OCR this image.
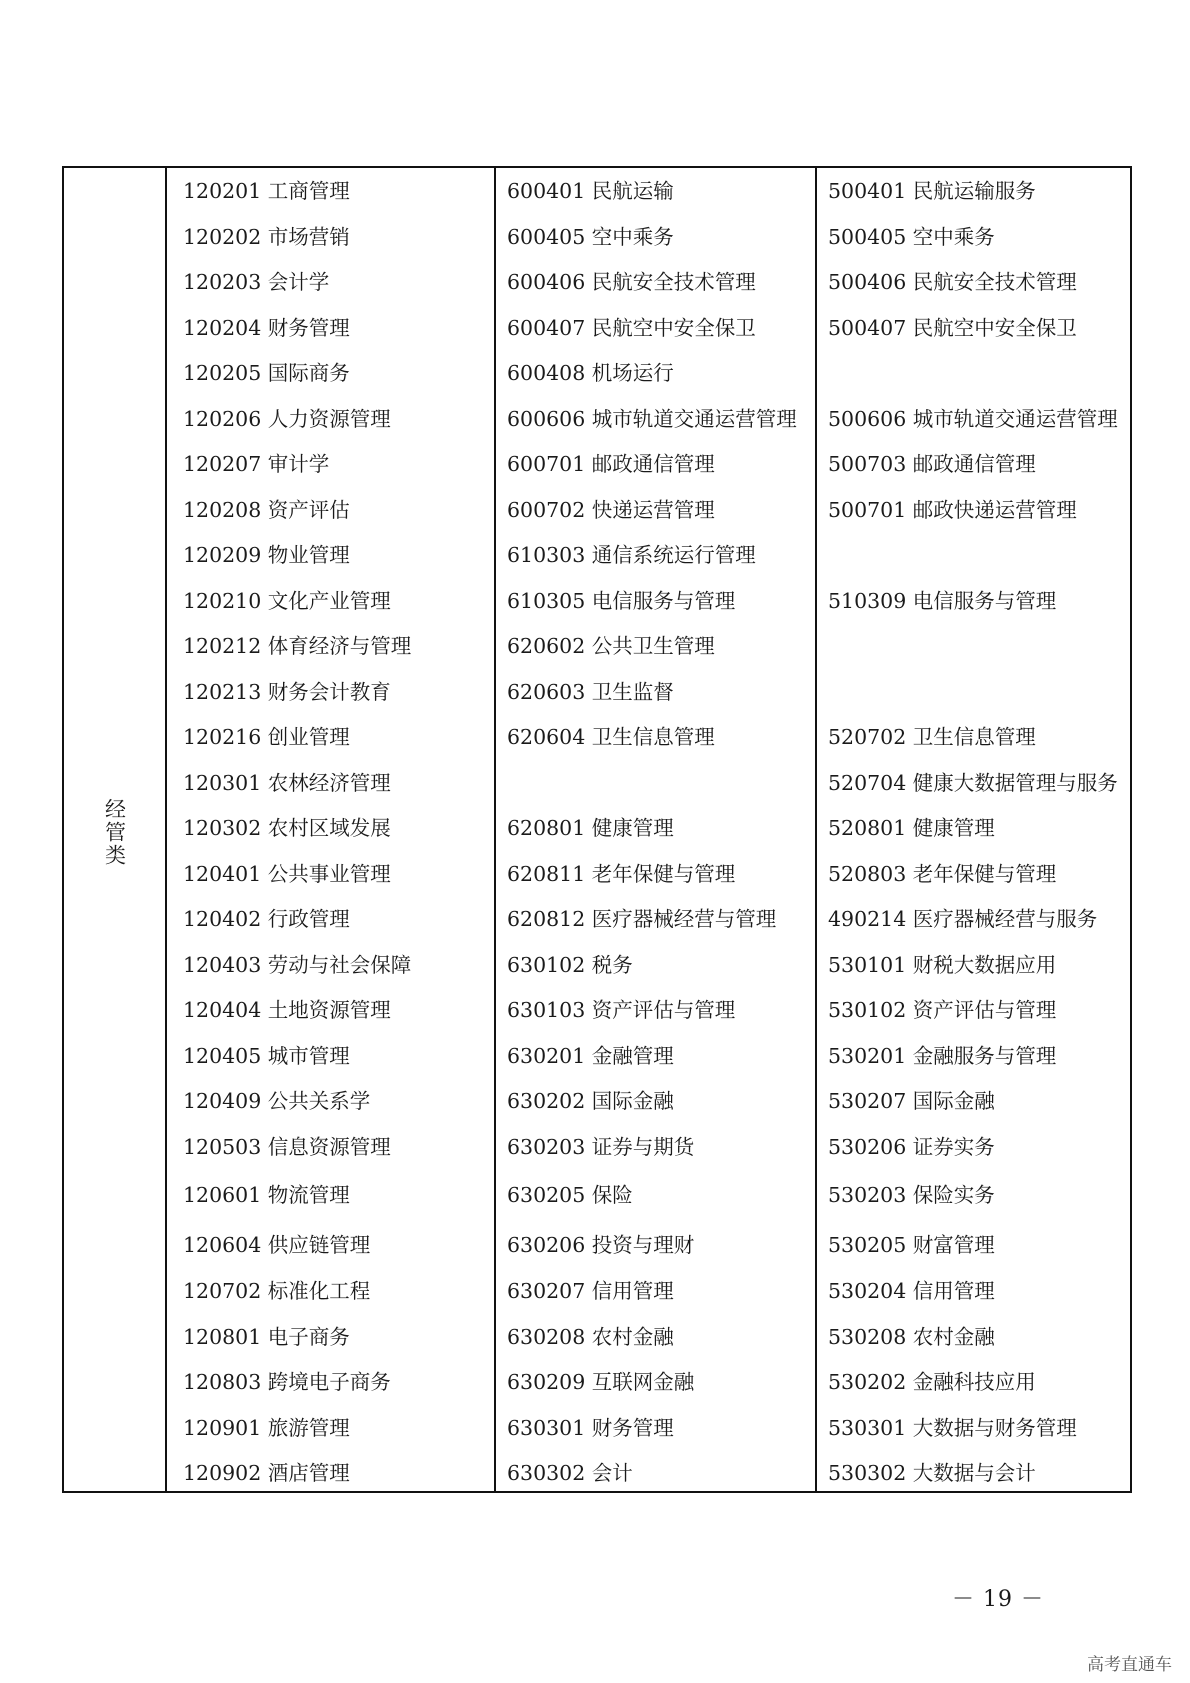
经管类
120201 工商管理
120202 市场营销
120203 会计学
120204 财务管理
120205 国际商务
120206 人力资源管理
120207 审计学
120208 资产评估
120209 物业管理
120210 文化产业管理
120212 体育经济与管理
120213 财务会计教育
120216 创业管理
120301 农林经济管理
120302 农村区域发展
120401 公共事业管理
120402 行政管理
120403 劳动与社会保障
120404 土地资源管理
120405 城市管理
120409 公共关系学
120503 信息资源管理
120601 物流管理
120604 供应链管理
120702 标准化工程
120801 电子商务
120803 跨境电子商务
120901 旅游管理
120902 酒店管理
600401 民航运输
600405 空中乘务
600406 民航安全技术管理
600407 民航空中安全保卫
600408 机场运行
600606 城市轨道交通运营管理
600701 邮政通信管理
600702 快递运营管理
610303 通信系统运行管理
610305 电信服务与管理
620602 公共卫生管理
620603 卫生监督
620604 卫生信息管理
620801 健康管理
620811 老年保健与管理
620812 医疗器械经营与管理
630102 税务
630103 资产评估与管理
630201 金融管理
630202 国际金融
630203 证券与期货
630205 保险
630206 投资与理财
630207 信用管理
630208 农村金融
630209 互联网金融
630301 财务管理
630302 会计
500401 民航运输服务
500405 空中乘务
500406 民航安全技术管理
500407 民航空中安全保卫
500606 城市轨道交通运营管理
500703 邮政通信管理
500701 邮政快递运营管理
510309 电信服务与管理
520702 卫生信息管理
520704 健康大数据管理与服务
520801 健康管理
520803 老年保健与管理
490214 医疗器械经营与服务
530101 财税大数据应用
530102 资产评估与管理
530201 金融服务与管理
530207 国际金融
530206 证券实务
530203 保险实务
530205 财富管理
530204 信用管理
530208 农村金融
530202 金融科技应用
530301 大数据与财务管理
530302 大数据与会计
－ 19 －
高考直通车
